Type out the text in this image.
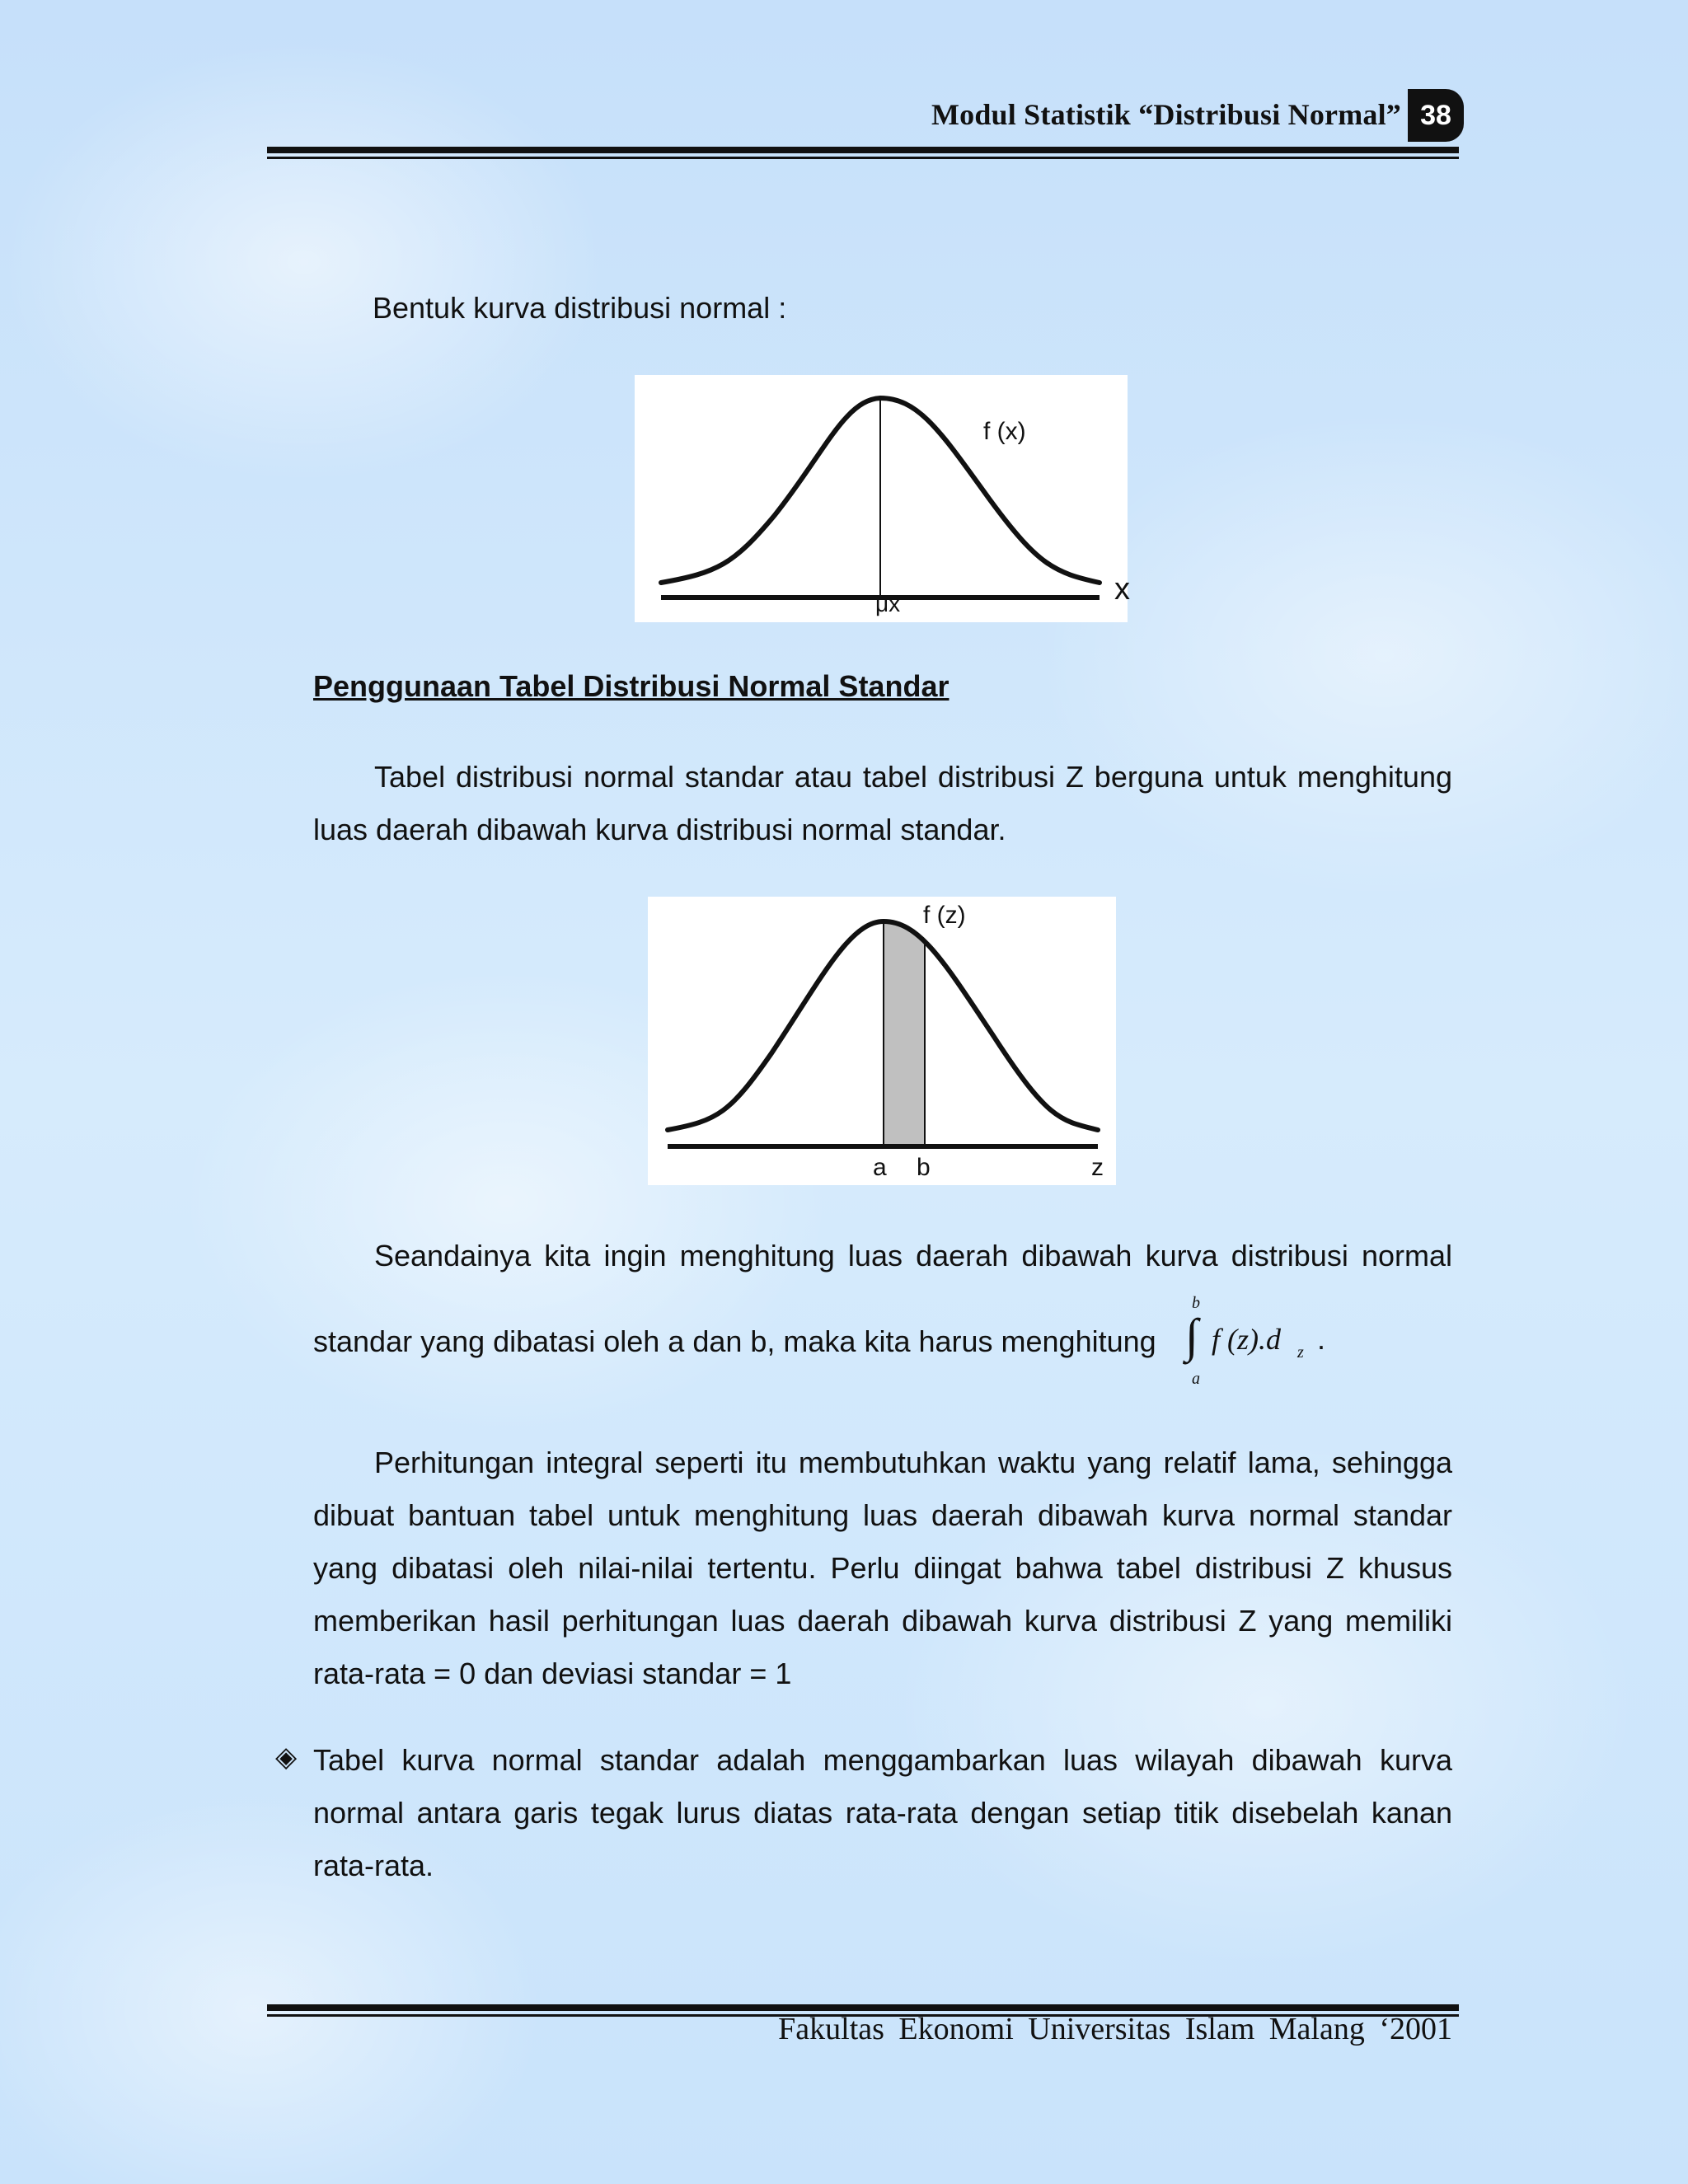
Modul Statistik “Distribusi Normal” 38
Bentuk kurva distribusi normal :
f (x)
μx	x
Penggunaan Tabel Distribusi Normal Standar
Tabel distribusi normal standar atau tabel distribusi Z berguna untuk menghitung luas daerah dibawah kurva distribusi normal standar.
f (z)
a b	z
Seandainya kita ingin menghitung luas daerah dibawah kurva distribusi normal
standar yang dibatasi oleh a dan b, maka kita harus menghitung
b
∫
a
f (z).d z .
Perhitungan integral seperti itu membutuhkan waktu yang relatif lama, sehingga dibuat bantuan tabel untuk menghitung luas daerah dibawah kurva normal standar yang dibatasi oleh nilai-nilai tertentu. Perlu diingat bahwa tabel distribusi Z khusus memberikan hasil perhitungan luas daerah dibawah kurva distribusi Z yang memiliki rata-rata = 0 dan deviasi standar = 1
◈ Tabel kurva normal standar adalah menggambarkan luas wilayah dibawah kurva normal antara garis tegak lurus diatas rata-rata dengan setiap titik disebelah kanan rata-rata.
Fakultas Ekonomi Universitas Islam Malang ‘2001
